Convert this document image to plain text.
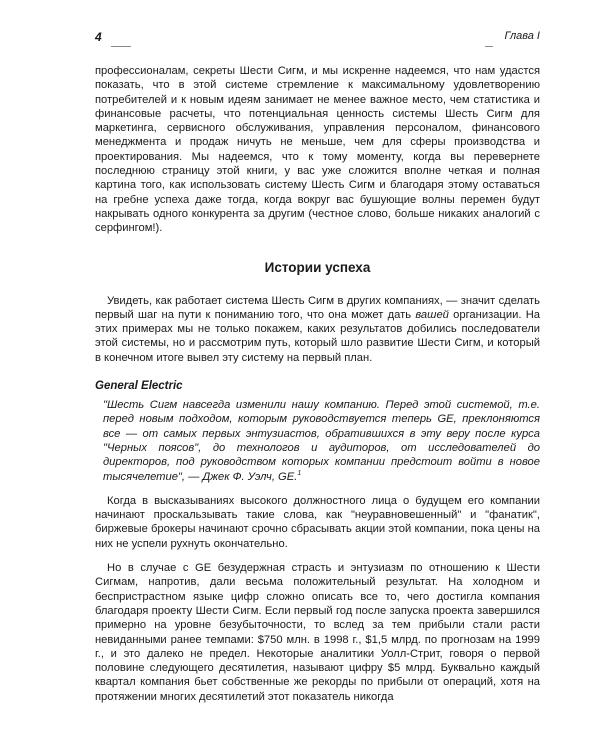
4	Глава I

профессионалам, секреты Шести Сигм, и мы искренне надеемся, что нам удастся показать, что в этой системе стремление к максимальному удовлетворению потребителей и к новым идеям занимает не менее важное место, чем статистика и финансовые расчеты, что потенциальная ценность системы Шесть Сигм для маркетинга, сервисного обслуживания, управления персоналом, финансового менеджмента и продаж ничуть не меньше, чем для сферы производства и проектирования. Мы надеемся, что к тому моменту, когда вы перевернете последнюю страницу этой книги, у вас уже сложится вполне четкая и полная картина того, как использовать систему Шесть Сигм и благодаря этому оставаться на гребне успеха даже тогда, когда вокруг вас бушующие волны перемен будут накрывать одного конкурента за другим (честное слово, больше никаких аналогий с серфингом!).

Истории успеха

Увидеть, как работает система Шесть Сигм в других компаниях, — значит сделать первый шаг на пути к пониманию того, что она может дать вашей организации. На этих примерах мы не только покажем, каких результатов добились последователи этой системы, но и рассмотрим путь, который шло развитие Шести Сигм, и который в конечном итоге вывел эту систему на первый план.

General Electric

"Шесть Сигм навсегда изменили нашу компанию. Перед этой системой, т.е. перед новым подходом, которым руководствуется теперь GE, преклоняются все — от самых первых энтузиастов, обратившихся в эту веру после курса "Черных поясов", до технологов и аудиторов, от исследователей до директоров, под руководством которых компании предстоит войти в новое тысячелетие", — Джек Ф. Уэлч, GE.$^1$

Когда в высказываниях высокого должностного лица о будущем его компании начинают проскальзывать такие слова, как "неуравновешенный" и "фанатик", биржевые брокеры начинают срочно сбрасывать акции этой компании, пока цены на них не успели рухнуть окончательно.

Но в случае с GE безудержная страсть и энтузиазм по отношению к Шести Сигмам, напротив, дали весьма положительный результат. На холодном и беспристрастном языке цифр сложно описать все то, чего достигла компания благодаря проекту Шести Сигм. Если первый год после запуска проекта завершился примерно на уровне безубыточности, то вслед за тем прибыли стали расти невиданными ранее темпами: $750 млн. в 1998 г., $1,5 млрд. по прогнозам на 1999 г., и это далеко не предел. Некоторые аналитики Уолл-Стрит, говоря о первой половине следующего десятилетия, называют цифру $5 млрд. Буквально каждый квартал компания бьет собственные же рекорды по прибыли от операций, хотя на протяжении многих десятилетий этот показатель никогда
